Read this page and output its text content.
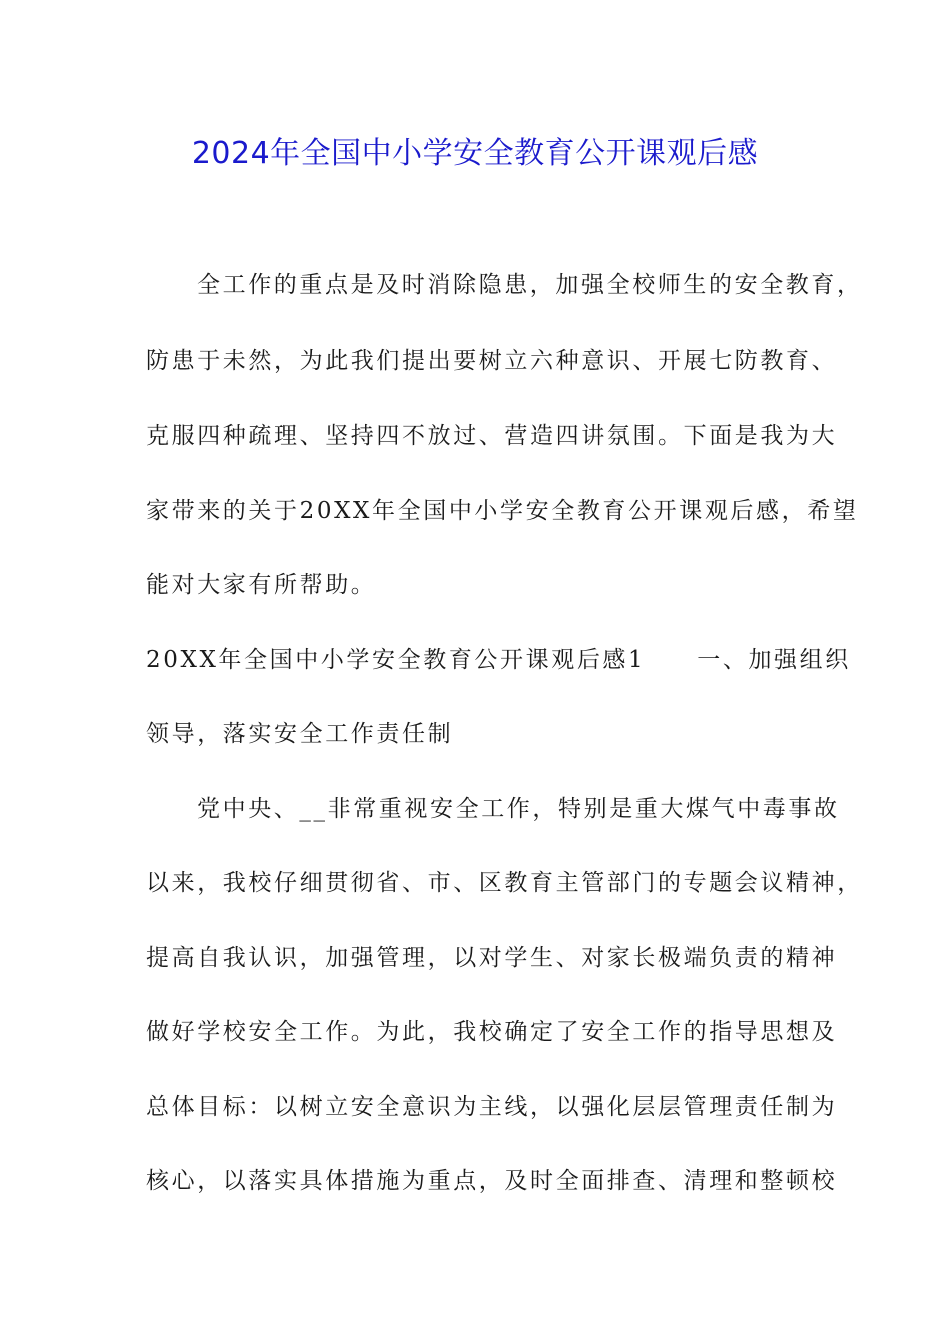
2024年全国中小学安全教育公开课观后感
全工作的重点是及时消除隐患，加强全校师生的安全教育，
防患于未然，为此我们提出要树立六种意识、开展七防教育、
克服四种疏理、坚持四不放过、营造四讲氛围。下面是我为大
家带来的关于20XX年全国中小学安全教育公开课观后感，希望
能对大家有所帮助。
20XX年全国中小学安全教育公开课观后感1 一、加强组织
领导，落实安全工作责任制
党中央、__非常重视安全工作，特别是重大煤气中毒事故
以来，我校仔细贯彻省、市、区教育主管部门的专题会议精神，
提高自我认识，加强管理，以对学生、对家长极端负责的精神
做好学校安全工作。为此，我校确定了安全工作的指导思想及
总体目标：以树立安全意识为主线，以强化层层管理责任制为
核心，以落实具体措施为重点，及时全面排查、清理和整顿校
